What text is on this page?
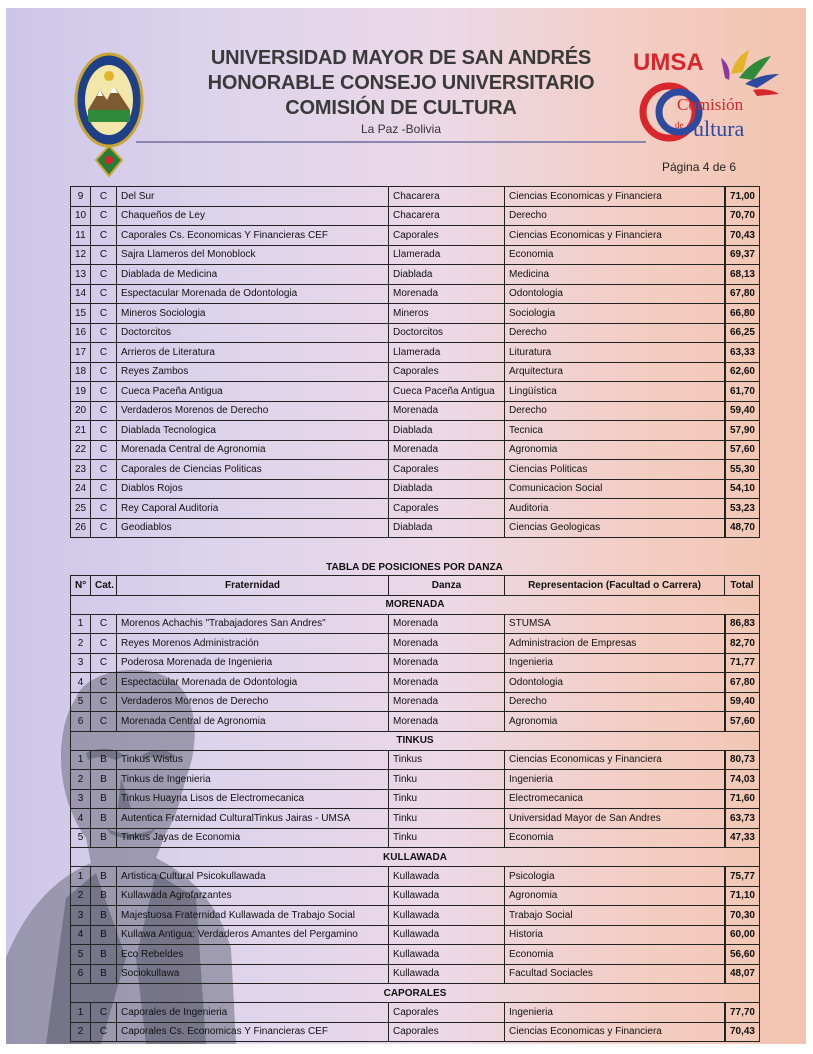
UNIVERSIDAD MAYOR DE SAN ANDRÉS
HONORABLE CONSEJO UNIVERSITARIO
COMISIÓN DE CULTURA
La Paz -Bolivia
UMSA
Comisión
de ultura
Página 4 de 6
9	C	Del Sur	Chacarera	Ciencias Economicas y Financiera	71,00
10	C	Chaqueños de Ley	Chacarera	Derecho	70,70
11	C	Caporales Cs. Economicas Y Financieras CEF	Caporales	Ciencias Economicas y Financiera	70,43
12	C	Sajra Llameros del Monoblock	Llamerada	Economia	69,37
13	C	Diablada de Medicina	Diablada	Medicina	68,13
14	C	Espectacular Morenada de Odontologia	Morenada	Odontologia	67,80
15	C	Mineros Sociologia	Mineros	Sociologia	66,80
16	C	Doctorcitos	Doctorcitos	Derecho	66,25
17	C	Arrieros de Literatura	Llamerada	Lituratura	63,33
18	C	Reyes Zambos	Caporales	Arquitectura	62,60
19	C	Cueca Paceña Antigua	Cueca Paceña Antigua	Lingüística	61,70
20	C	Verdaderos Morenos de Derecho	Morenada	Derecho	59,40
21	C	Diablada Tecnologica	Diablada	Tecnica	57,90
22	C	Morenada Central de Agronomia	Morenada	Agronomia	57,60
23	C	Caporales de Ciencias Politicas	Caporales	Ciencias Politicas	55,30
24	C	Diablos Rojos	Diablada	Comunicacion Social	54,10
25	C	Rey Caporal Auditoria	Caporales	Auditoria	53,23
26	C	Geodiablos	Diablada	Ciencias Geologicas	48,70
TABLA DE POSICIONES POR DANZA
N°	Cat.	Fraternidad	Danza	Representacion (Facultad o Carrera)	Total
MORENADA					
1	C	Morenos Achachis "Trabajadores San Andres"	Morenada	STUMSA	86,83
2	C	Reyes Morenos Administración	Morenada	Administracion de Empresas	82,70
3	C	Poderosa Morenada de Ingenieria	Morenada	Ingenieria	71,77
4	C	Espectacular Morenada de Odontologia	Morenada	Odontologia	67,80
5	C	Verdaderos Morenos de Derecho	Morenada	Derecho	59,40
6	C	Morenada Central de Agronomia	Morenada	Agronomia	57,60
TINKUS					
1	B	Tinkus Wistus	Tinkus	Ciencias Economicas y Financiera	80,73
2	B	Tinkus de Ingenieria	Tinku	Ingenieria	74,03
3	B	Tinkus Huayna Lisos de Electromecanica	Tinku	Electromecanica	71,60
4	B	Autentica Fraternidad CulturalTinkus Jairas - UMSA	Tinku	Universidad Mayor de San Andres	63,73
5	B	Tinkus Jayas de Economia	Tinku	Economia	47,33
KULLAWADA					
1	B	Artistica Cultural Psicokullawada	Kullawada	Psicologia	75,77
2	B	Kullawada Agrofarzantes	Kullawada	Agronomia	71,10
3	B	Majestuosa Fraternidad Kullawada de Trabajo Social	Kullawada	Trabajo Social	70,30
4	B	Kullawa Antigua: Verdaderos Amantes del Pergamino	Kullawada	Historia	60,00
5	B	Eco Rebeldes	Kullawada	Economia	56,60
6	B	Sociokullawa	Kullawada	Facultad Sociacles	48,07
CAPORALES					
1	C	Caporales de Ingenieria	Caporales	Ingenieria	77,70
2	C	Caporales Cs. Economicas Y Financieras CEF	Caporales	Ciencias Economicas y Financiera	70,43
